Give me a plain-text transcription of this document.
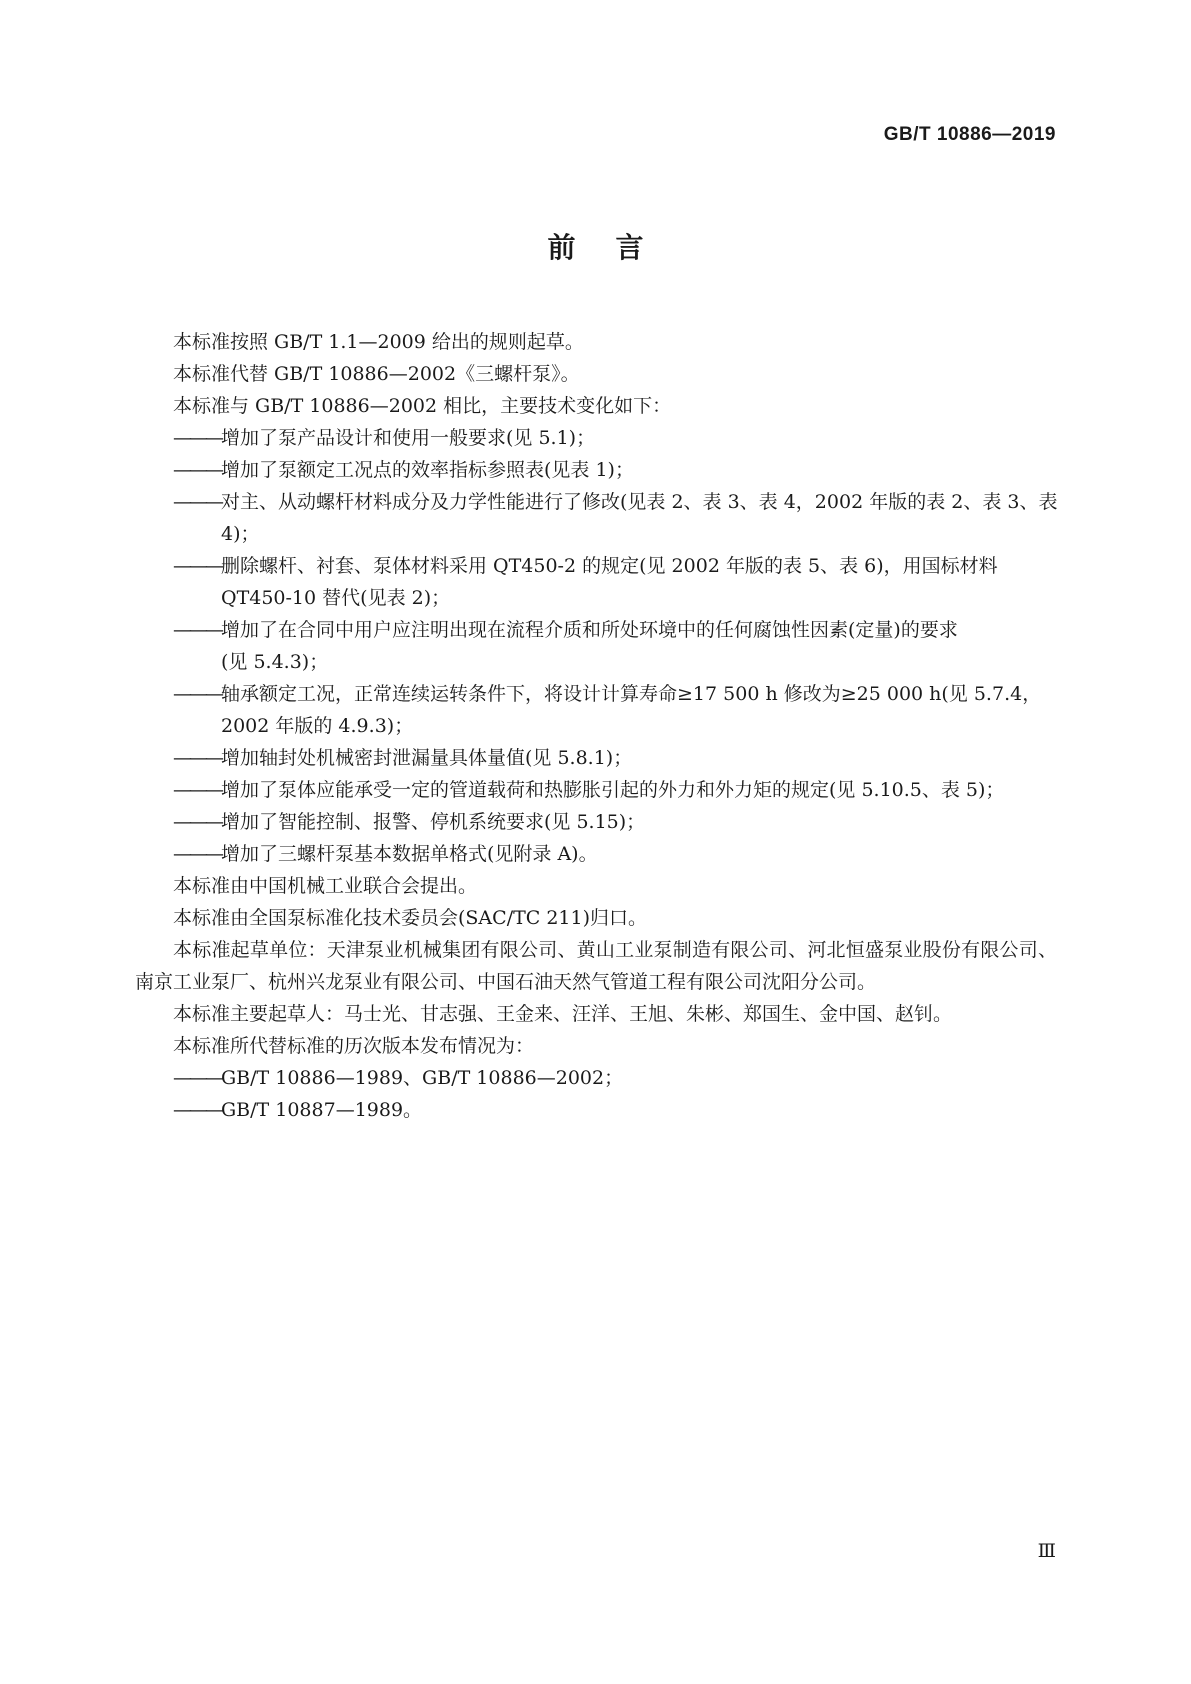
GB/T 10886—2019
前言

本标准按照 GB/T 1.1—2009 给出的规则起草。

本标准代替 GB/T 10886—2002《三螺杆泵》。

本标准与 GB/T 10886—2002 相比，主要技术变化如下：

——— 增加了泵产品设计和使用一般要求(见 5.1)；
——— 增加了泵额定工况点的效率指标参照表(见表 1)；
——— 对主、从动螺杆材料成分及力学性能进行了修改(见表 2、表 3、表 4，2002 年版的表 2、表 3、表
4)；
——— 删除螺杆、衬套、泵体材料采用 QT450-2 的规定(见 2002 年版的表 5、表 6)，用国标材料
QT450-10 替代(见表 2)；
——— 增加了在合同中用户应注明出现在流程介质和所处环境中的任何腐蚀性因素(定量)的要求
(见 5.4.3)；
——— 轴承额定工况，正常连续运转条件下，将设计计算寿命≥17 500 h 修改为≥25 000 h(见 5.7.4，
2002 年版的 4.9.3)；
——— 增加轴封处机械密封泄漏量具体量值(见 5.8.1)；
——— 增加了泵体应能承受一定的管道载荷和热膨胀引起的外力和外力矩的规定(见 5.10.5、表 5)；
——— 增加了智能控制、报警、停机系统要求(见 5.15)；
——— 增加了三螺杆泵基本数据单格式(见附录 A)。

本标准由中国机械工业联合会提出。

本标准由全国泵标准化技术委员会(SAC/TC 211)归口。

本标准起草单位：天津泵业机械集团有限公司、黄山工业泵制造有限公司、河北恒盛泵业股份有限公司、南京工业泵厂、杭州兴龙泵业有限公司、中国石油天然气管道工程有限公司沈阳分公司。

本标准主要起草人：马士光、甘志强、王金来、汪洋、王旭、朱彬、郑国生、金中国、赵钊。

本标准所代替标准的历次版本发布情况为：

——— GB/T 10886—1989、GB/T 10886—2002；
——— GB/T 10887—1989。
Ⅲ
